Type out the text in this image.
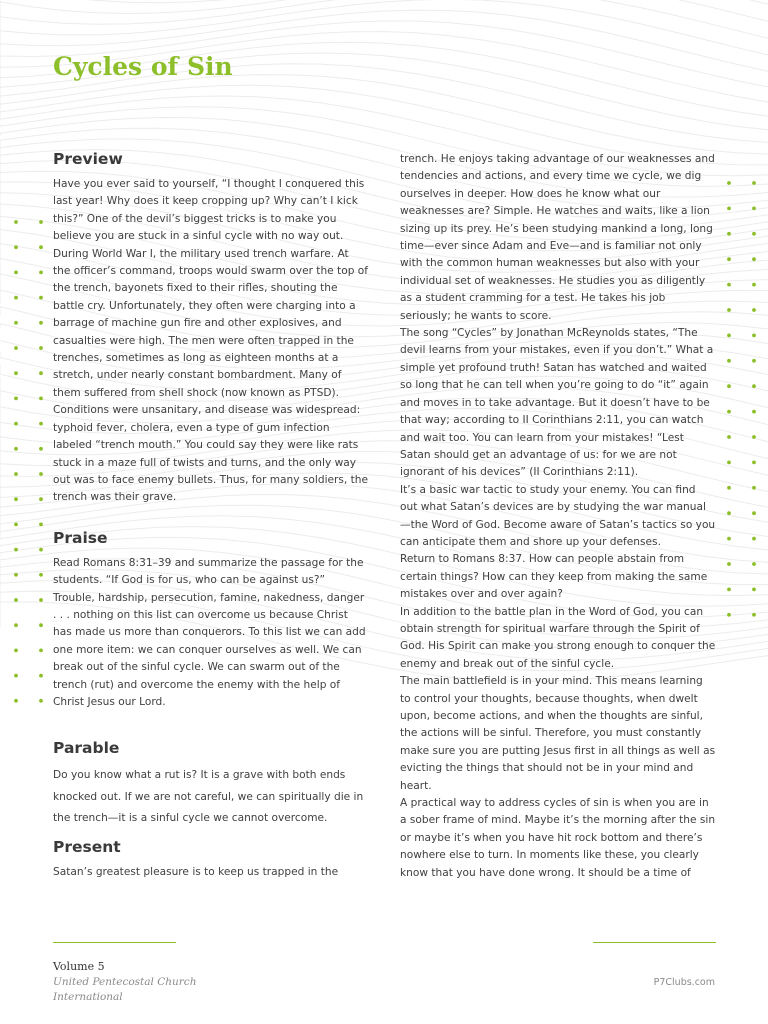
Cycles of Sin
Preview

Have you ever said to yourself, “I thought I conquered this last year! Why does it keep cropping up? Why can’t I kick this?” One of the devil’s biggest tricks is to make you believe you are stuck in a sinful cycle with no way out.

During World War I, the military used trench warfare. At the officer’s command, troops would swarm over the top of the trench, bayonets fixed to their rifles, shouting the battle cry. Unfortunately, they often were charging into a barrage of machine gun fire and other explosives, and casualties were high. The men were often trapped in the trenches, sometimes as long as eighteen months at a stretch, under nearly constant bombardment. Many of them suffered from shell shock (now known as PTSD). Conditions were unsanitary, and disease was widespread: typhoid fever, cholera, even a type of gum infection labeled “trench mouth.” You could say they were like rats stuck in a maze full of twists and turns, and the only way out was to face enemy bullets. Thus, for many soldiers, the trench was their grave.

Praise

Read Romans 8:31–39 and summarize the passage for the students. “If God is for us, who can be against us?” Trouble, hardship, persecution, famine, nakedness, danger . . . nothing on this list can overcome us because Christ has made us more than conquerors. To this list we can add one more item: we can conquer ourselves as well. We can break out of the sinful cycle. We can swarm out of the trench (rut) and overcome the enemy with the help of Christ Jesus our Lord.

Parable

Do you know what a rut is? It is a grave with both ends knocked out. If we are not careful, we can spiritually die in the trench—it is a sinful cycle we cannot overcome.

Present

Satan’s greatest pleasure is to keep us trapped in the

trench. He enjoys taking advantage of our weaknesses and tendencies and actions, and every time we cycle, we dig ourselves in deeper. How does he know what our weaknesses are? Simple. He watches and waits, like a lion sizing up its prey. He’s been studying mankind a long, long time—ever since Adam and Eve—and is familiar not only with the common human weaknesses but also with your individual set of weaknesses. He studies you as diligently as a student cramming for a test. He takes his job seriously; he wants to score.

The song “Cycles” by Jonathan McReynolds states, “The devil learns from your mistakes, even if you don’t.” What a simple yet profound truth! Satan has watched and waited so long that he can tell when you’re going to do “it” again and moves in to take advantage. But it doesn’t have to be that way; according to II Corinthians 2:11, you can watch and wait too. You can learn from your mistakes! “Lest Satan should get an advantage of us: for we are not ignorant of his devices” (II Corinthians 2:11).

It’s a basic war tactic to study your enemy. You can find out what Satan’s devices are by studying the war manual—the Word of God. Become aware of Satan’s tactics so you can anticipate them and shore up your defenses.

Return to Romans 8:37. How can people abstain from certain things? How can they keep from making the same mistakes over and over again?

In addition to the battle plan in the Word of God, you can obtain strength for spiritual warfare through the Spirit of God. His Spirit can make you strong enough to conquer the enemy and break out of the sinful cycle.

The main battlefield is in your mind. This means learning to control your thoughts, because thoughts, when dwelt upon, become actions, and when the thoughts are sinful, the actions will be sinful. Therefore, you must constantly make sure you are putting Jesus first in all things as well as evicting the things that should not be in your mind and heart.

A practical way to address cycles of sin is when you are in a sober frame of mind. Maybe it’s the morning after the sin or maybe it’s when you have hit rock bottom and there’s nowhere else to turn. In moments like these, you clearly know that you have done wrong. It should be a time of

Volume 5
United Pentecostal Church
International
P7Clubs.com
